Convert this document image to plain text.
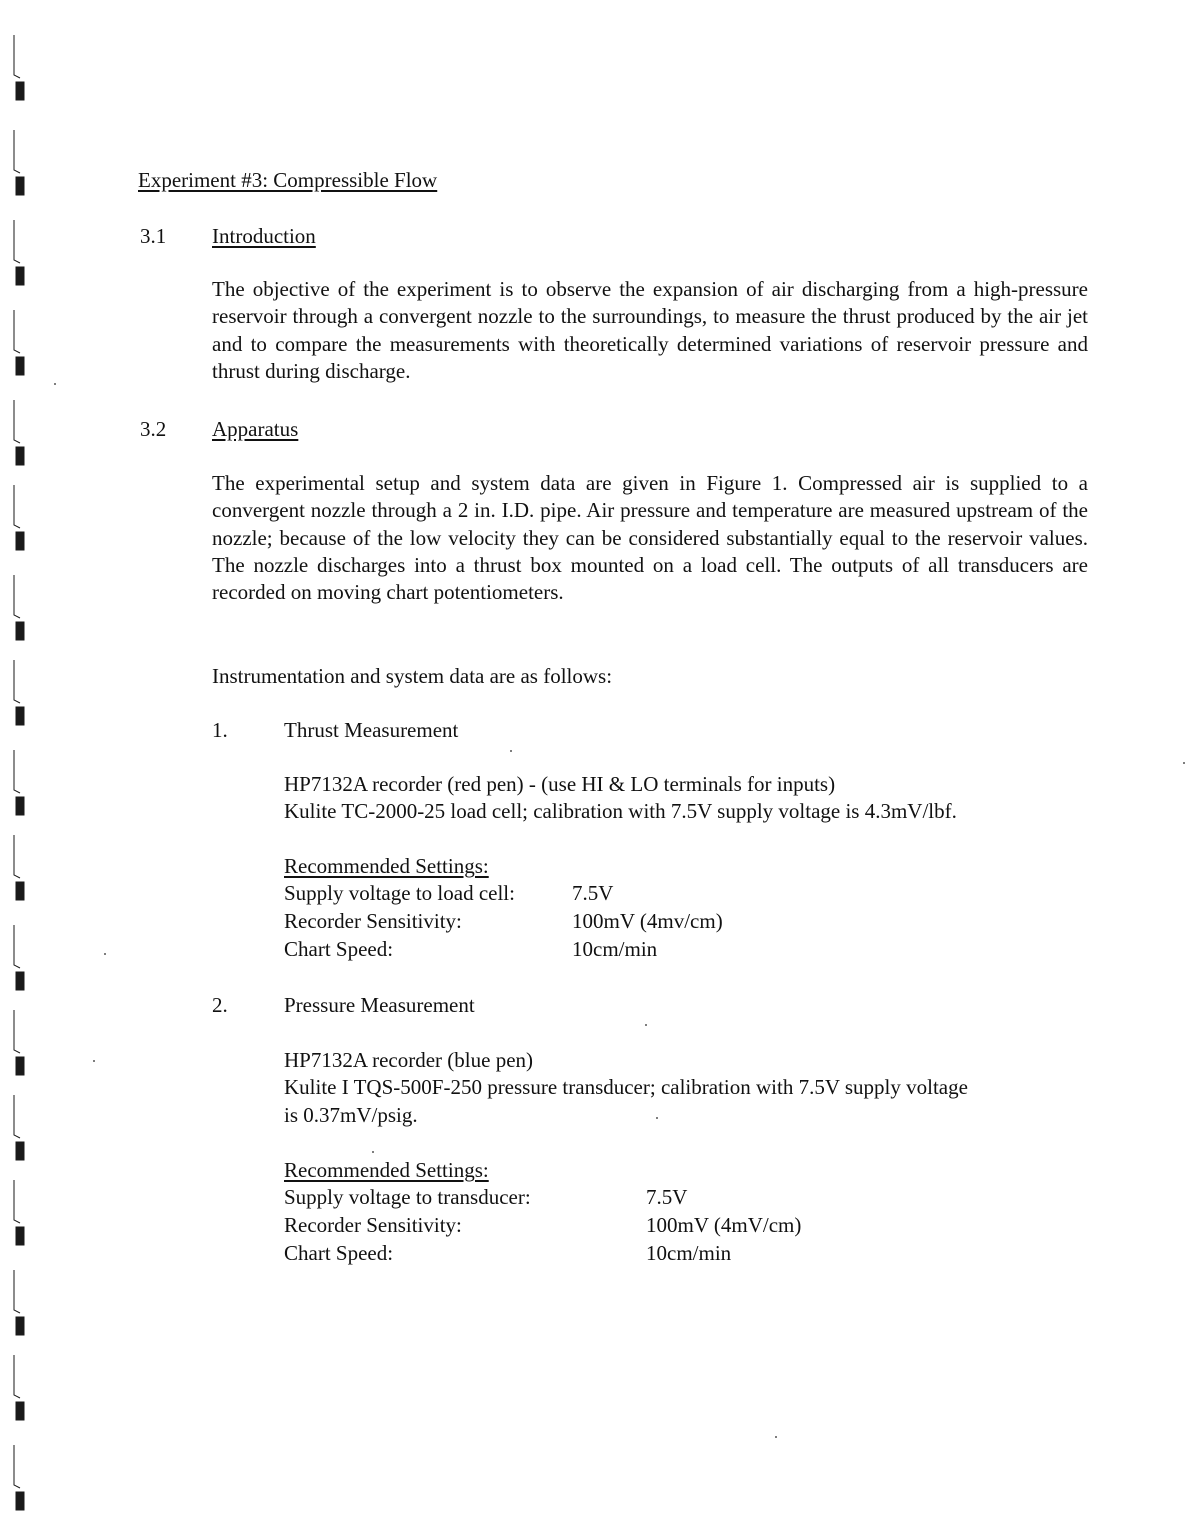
Experiment #3: Compressible Flow
3.1 Introduction

The objective of the experiment is to observe the expansion of air discharging from a high-pressure reservoir through a convergent nozzle to the surroundings, to measure the thrust produced by the air jet and to compare the measurements with theoretically determined variations of reservoir pressure and thrust during discharge.

3.2 Apparatus

The experimental setup and system data are given in Figure 1. Compressed air is supplied to a convergent nozzle through a 2 in. I.D. pipe. Air pressure and temperature are measured upstream of the nozzle; because of the low velocity they can be considered substantially equal to the reservoir values. The nozzle discharges into a thrust box mounted on a load cell. The outputs of all transducers are recorded on moving chart potentiometers.

Instrumentation and system data are as follows:
1.	Thrust Measurement
HP7132A recorder (red pen) - (use HI & LO terminals for inputs)
Kulite TC-2000-25 load cell; calibration with 7.5V supply voltage is 4.3mV/lbf.
Recommended Settings:
Supply voltage to load cell:	7.5V
Recorder Sensitivity:	100mV (4mv/cm)
Chart Speed:	10cm/min
2.	Pressure Measurement
HP7132A recorder (blue pen)
Kulite I TQS-500F-250 pressure transducer; calibration with 7.5V supply voltage
is 0.37mV/psig.
Recommended Settings:
Supply voltage to transducer:	7.5V
Recorder Sensitivity:	100mV (4mV/cm)
Chart Speed:	10cm/min
